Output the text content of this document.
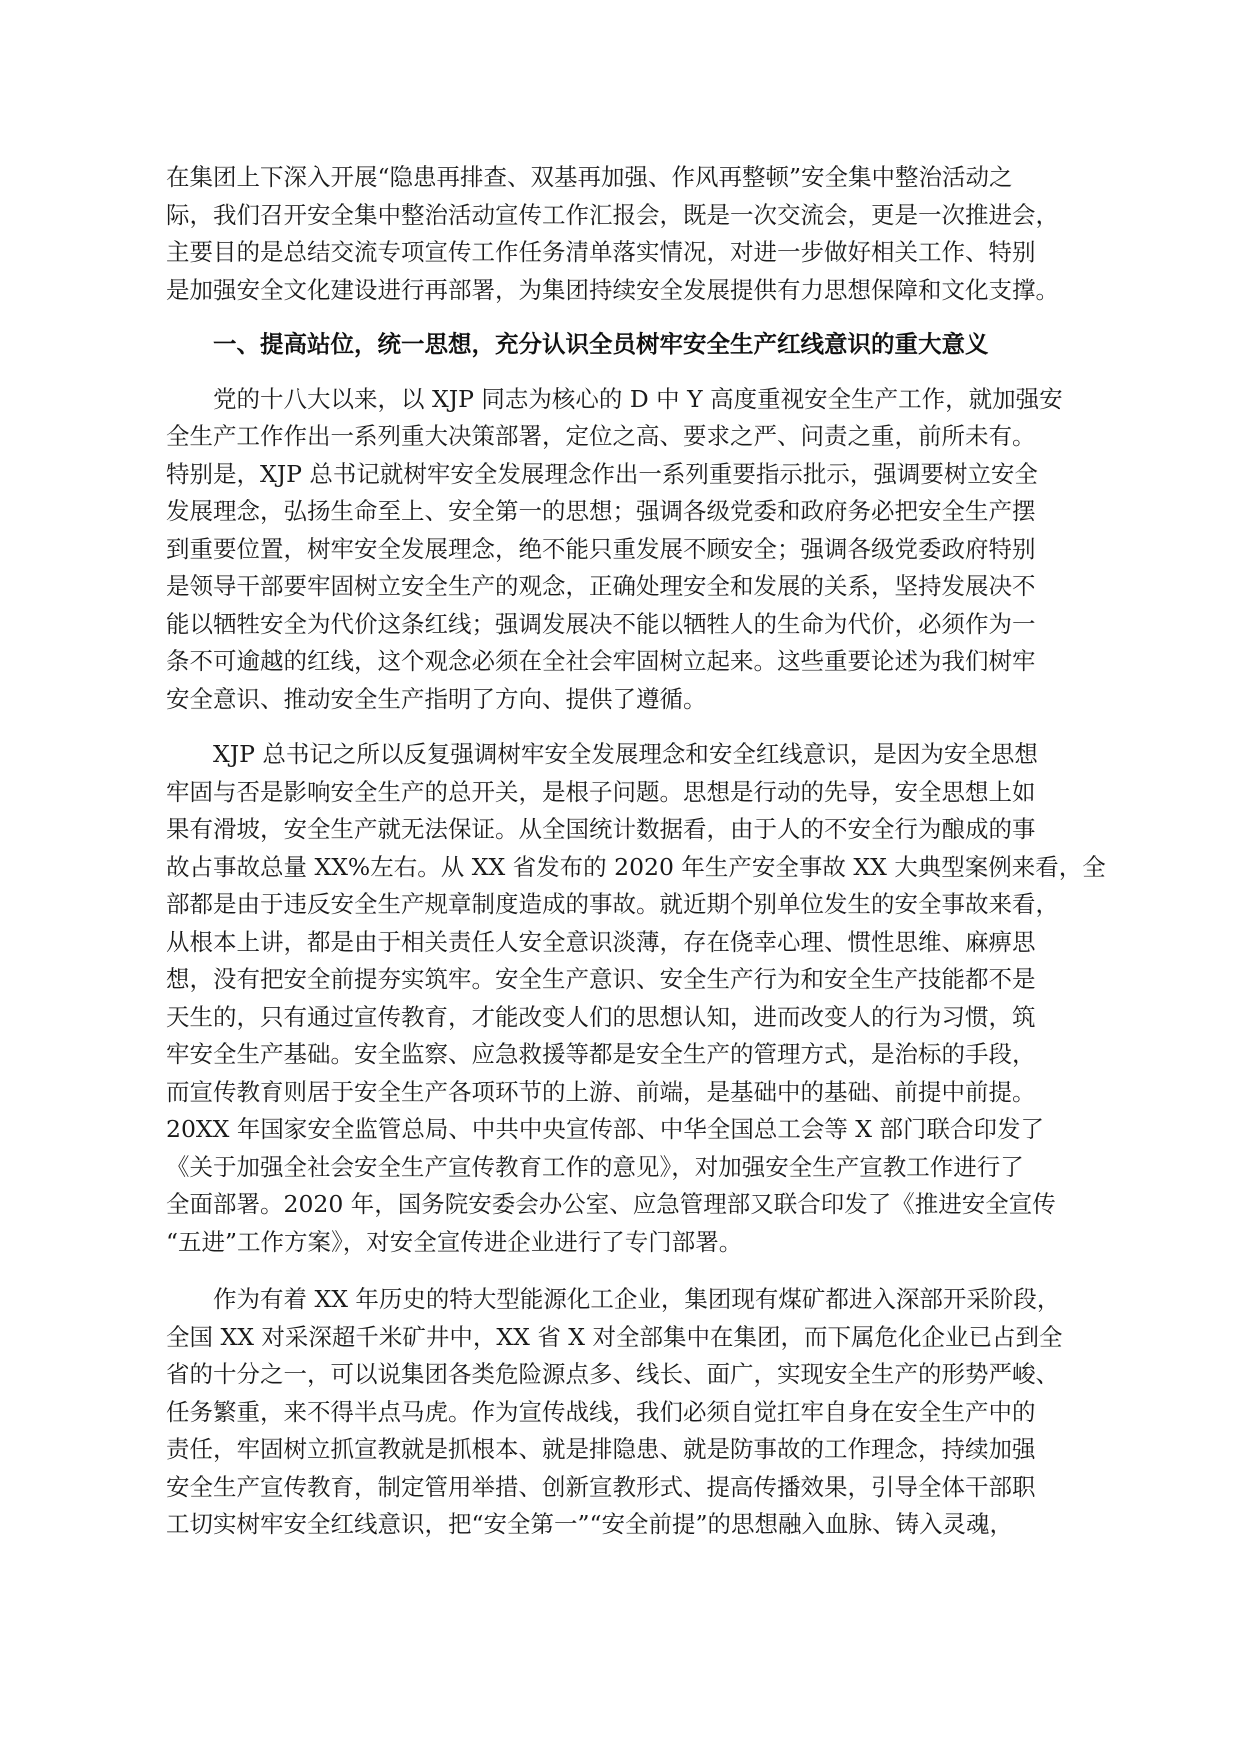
在集团上下深入开展“隐患再排查、双基再加强、作风再整顿”安全集中整治活动之
际，我们召开安全集中整治活动宣传工作汇报会，既是一次交流会，更是一次推进会，
主要目的是总结交流专项宣传工作任务清单落实情况，对进一步做好相关工作、特别
是加强安全文化建设进行再部署，为集团持续安全发展提供有力思想保障和文化支撑。
　　一、提高站位，统一思想，充分认识全员树牢安全生产红线意识的重大意义
　　党的十八大以来，以 XJP 同志为核心的 D 中 Y 高度重视安全生产工作，就加强安
全生产工作作出一系列重大决策部署，定位之高、要求之严、问责之重，前所未有。
特别是，XJP 总书记就树牢安全发展理念作出一系列重要指示批示，强调要树立安全
发展理念，弘扬生命至上、安全第一的思想；强调各级党委和政府务必把安全生产摆
到重要位置，树牢安全发展理念，绝不能只重发展不顾安全；强调各级党委政府特别
是领导干部要牢固树立安全生产的观念，正确处理安全和发展的关系，坚持发展决不
能以牺牲安全为代价这条红线；强调发展决不能以牺牲人的生命为代价，必须作为一
条不可逾越的红线，这个观念必须在全社会牢固树立起来。这些重要论述为我们树牢
安全意识、推动安全生产指明了方向、提供了遵循。
　　XJP 总书记之所以反复强调树牢安全发展理念和安全红线意识，是因为安全思想
牢固与否是影响安全生产的总开关，是根子问题。思想是行动的先导，安全思想上如
果有滑坡，安全生产就无法保证。从全国统计数据看，由于人的不安全行为酿成的事
故占事故总量 XX%左右。从 XX 省发布的 2020 年生产安全事故 XX 大典型案例来看，全
部都是由于违反安全生产规章制度造成的事故。就近期个别单位发生的安全事故来看，
从根本上讲，都是由于相关责任人安全意识淡薄，存在侥幸心理、惯性思维、麻痹思
想，没有把安全前提夯实筑牢。安全生产意识、安全生产行为和安全生产技能都不是
天生的，只有通过宣传教育，才能改变人们的思想认知，进而改变人的行为习惯，筑
牢安全生产基础。安全监察、应急救援等都是安全生产的管理方式，是治标的手段，
而宣传教育则居于安全生产各项环节的上游、前端，是基础中的基础、前提中前提。
20XX 年国家安全监管总局、中共中央宣传部、中华全国总工会等 X 部门联合印发了
《关于加强全社会安全生产宣传教育工作的意见》，对加强安全生产宣教工作进行了
全面部署。2020 年，国务院安委会办公室、应急管理部又联合印发了《推进安全宣传
“五进”工作方案》，对安全宣传进企业进行了专门部署。
　　作为有着 XX 年历史的特大型能源化工企业，集团现有煤矿都进入深部开采阶段，
全国 XX 对采深超千米矿井中，XX 省 X 对全部集中在集团，而下属危化企业已占到全
省的十分之一，可以说集团各类危险源点多、线长、面广，实现安全生产的形势严峻、
任务繁重，来不得半点马虎。作为宣传战线，我们必须自觉扛牢自身在安全生产中的
责任，牢固树立抓宣教就是抓根本、就是排隐患、就是防事故的工作理念，持续加强
安全生产宣传教育，制定管用举措、创新宣教形式、提高传播效果，引导全体干部职
工切实树牢安全红线意识，把“安全第一”“安全前提”的思想融入血脉、铸入灵魂，
